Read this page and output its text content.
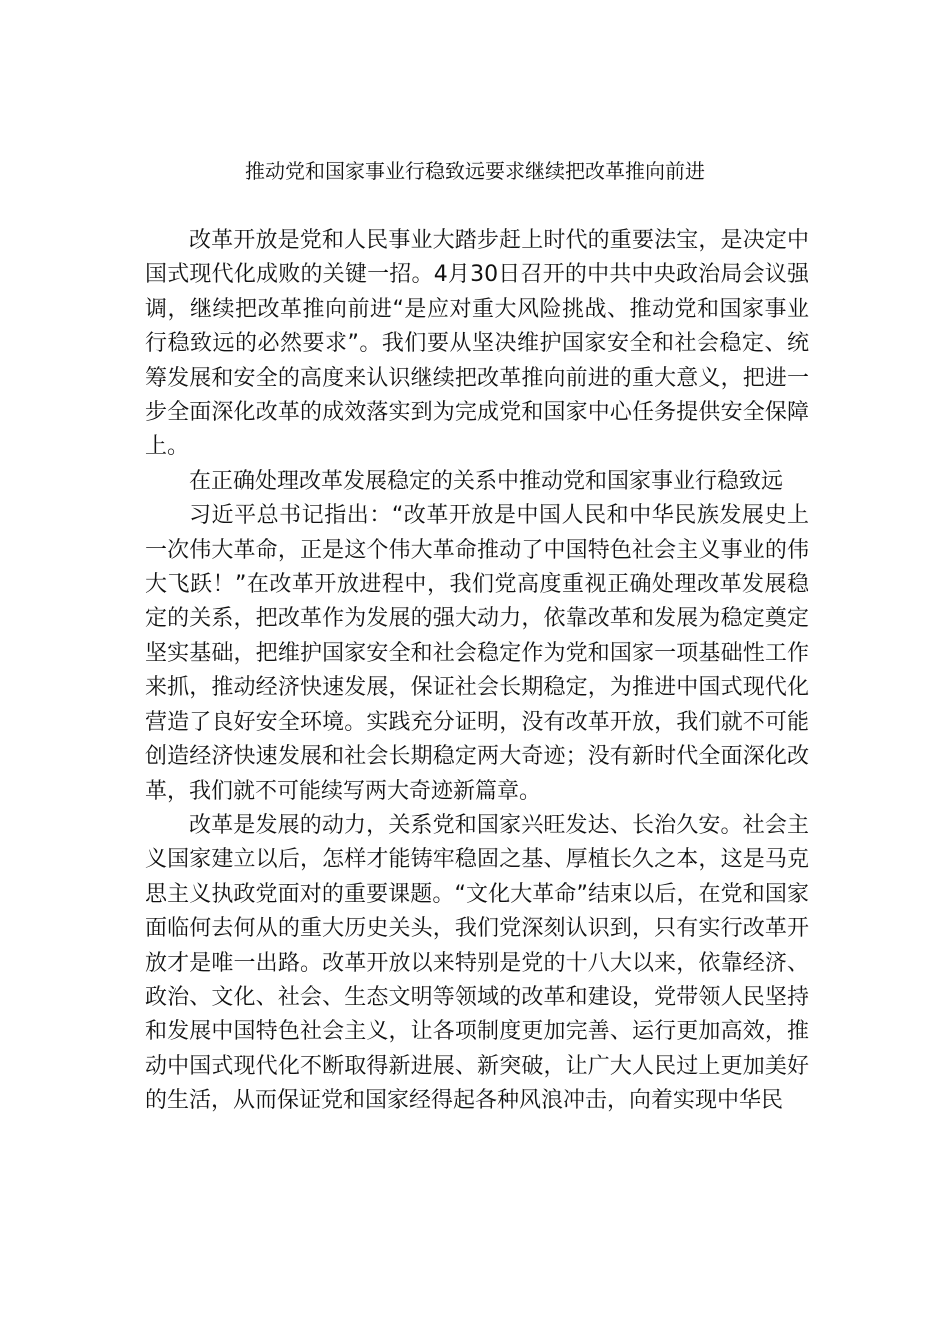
推动党和国家事业行稳致远要求继续把改革推向前进

改革开放是党和人民事业大踏步赶上时代的重要法宝，是决定中国式现代化成败的关键一招。4月30日召开的中共中央政治局会议强调，继续把改革推向前进“是应对重大风险挑战、推动党和国家事业行稳致远的必然要求”。我们要从坚决维护国家安全和社会稳定、统筹发展和安全的高度来认识继续把改革推向前进的重大意义，把进一步全面深化改革的成效落实到为完成党和国家中心任务提供安全保障上。

在正确处理改革发展稳定的关系中推动党和国家事业行稳致远

习近平总书记指出：“改革开放是中国人民和中华民族发展史上一次伟大革命，正是这个伟大革命推动了中国特色社会主义事业的伟大飞跃！”在改革开放进程中，我们党高度重视正确处理改革发展稳定的关系，把改革作为发展的强大动力，依靠改革和发展为稳定奠定坚实基础，把维护国家安全和社会稳定作为党和国家一项基础性工作来抓，推动经济快速发展，保证社会长期稳定，为推进中国式现代化营造了良好安全环境。实践充分证明，没有改革开放，我们就不可能创造经济快速发展和社会长期稳定两大奇迹；没有新时代全面深化改革，我们就不可能续写两大奇迹新篇章。

改革是发展的动力，关系党和国家兴旺发达、长治久安。社会主义国家建立以后，怎样才能铸牢稳固之基、厚植长久之本，这是马克思主义执政党面对的重要课题。“文化大革命”结束以后，在党和国家面临何去何从的重大历史关头，我们党深刻认识到，只有实行改革开放才是唯一出路。改革开放以来特别是党的十八大以来，依靠经济、政治、文化、社会、生态文明等领域的改革和建设，党带领人民坚持和发展中国特色社会主义，让各项制度更加完善、运行更加高效，推动中国式现代化不断取得新进展、新突破，让广大人民过上更加美好的生活，从而保证党和国家经得起各种风浪冲击，向着实现中华民
